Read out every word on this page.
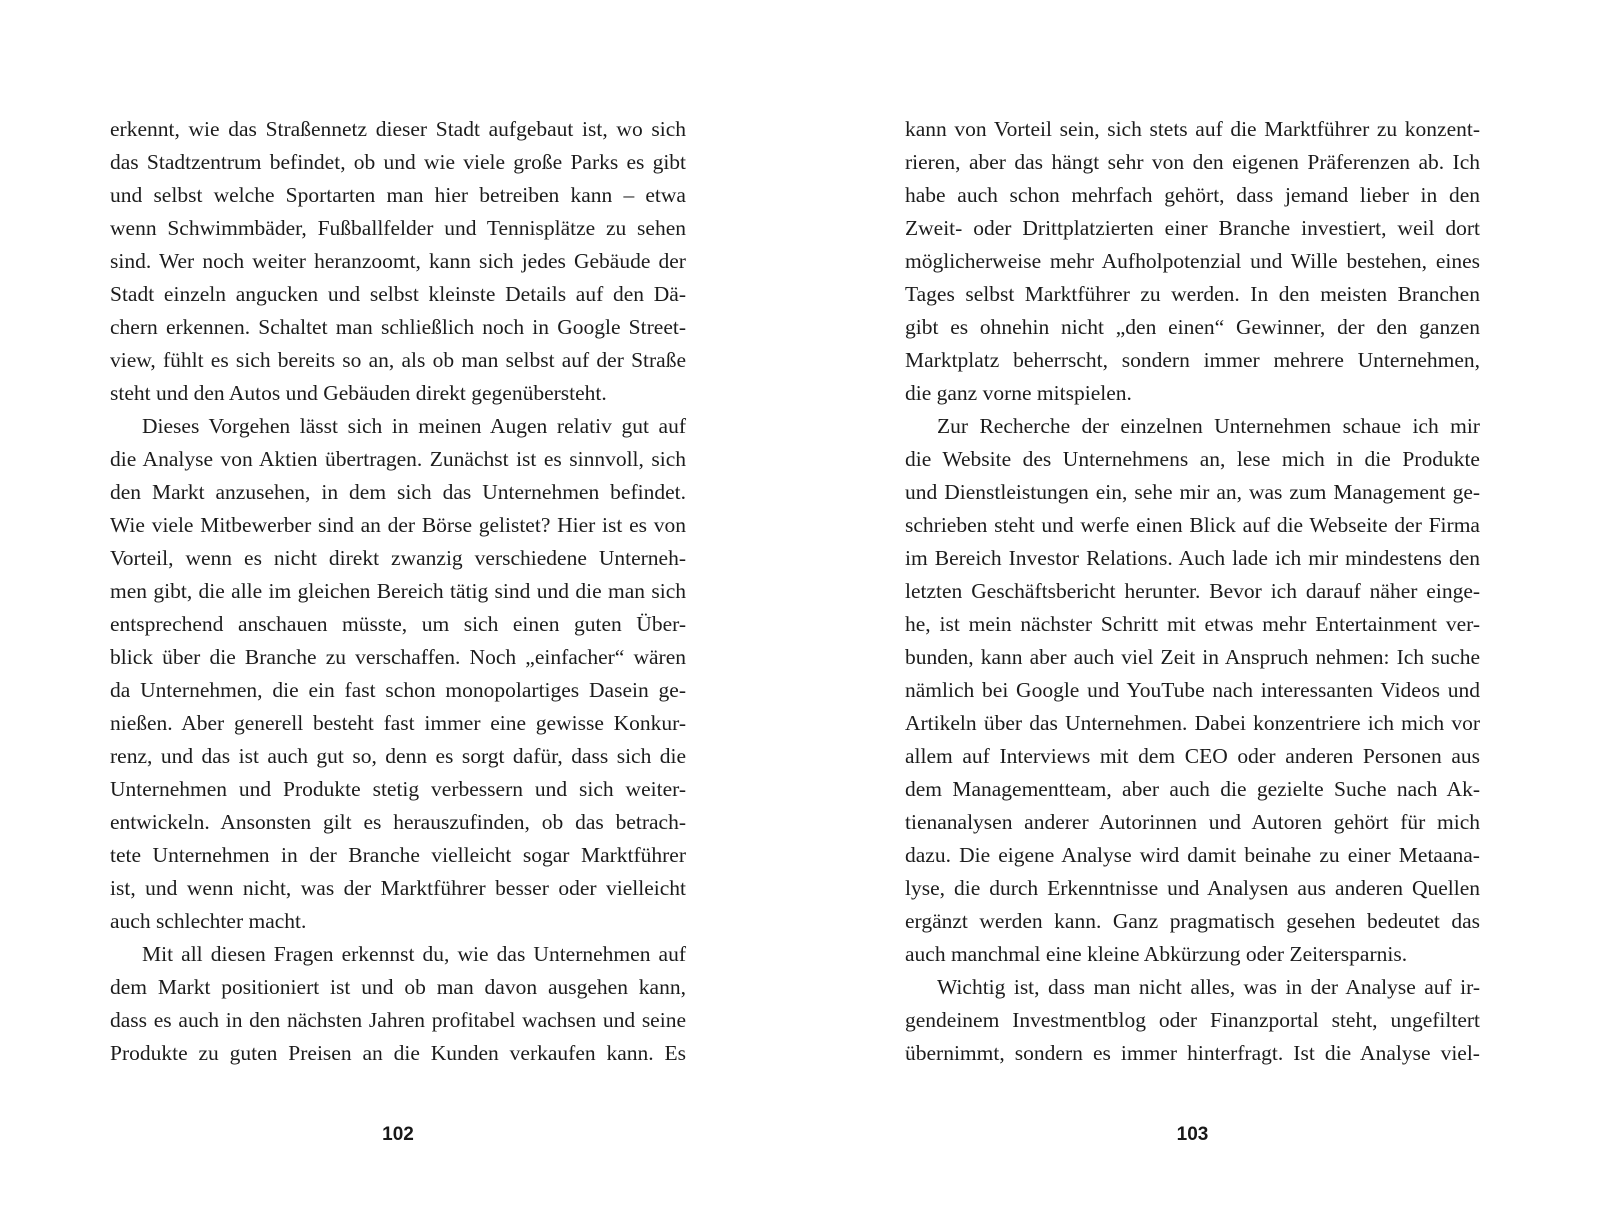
erkennt, wie das Straßennetz dieser Stadt aufgebaut ist, wo sich
das Stadtzentrum befindet, ob und wie viele große Parks es gibt
und selbst welche Sportarten man hier betreiben kann – etwa
wenn Schwimmbäder, Fußballfelder und Tennisplätze zu sehen
sind. Wer noch weiter heranzoomt, kann sich jedes Gebäude der
Stadt einzeln angucken und selbst kleinste Details auf den Dä-
chern erkennen. Schaltet man schließlich noch in Google Street-
view, fühlt es sich bereits so an, als ob man selbst auf der Straße
steht und den Autos und Gebäuden direkt gegenübersteht.
Dieses Vorgehen lässt sich in meinen Augen relativ gut auf
die Analyse von Aktien übertragen. Zunächst ist es sinnvoll, sich
den Markt anzusehen, in dem sich das Unternehmen befindet.
Wie viele Mitbewerber sind an der Börse gelistet? Hier ist es von
Vorteil, wenn es nicht direkt zwanzig verschiedene Unterneh-
men gibt, die alle im gleichen Bereich tätig sind und die man sich
entsprechend anschauen müsste, um sich einen guten Über-
blick über die Branche zu verschaffen. Noch „einfacher“ wären
da Unternehmen, die ein fast schon monopolartiges Dasein ge-
nießen. Aber generell besteht fast immer eine gewisse Konkur-
renz, und das ist auch gut so, denn es sorgt dafür, dass sich die
Unternehmen und Produkte stetig verbessern und sich weiter-
entwickeln. Ansonsten gilt es herauszufinden, ob das betrach-
tete Unternehmen in der Branche vielleicht sogar Marktführer
ist, und wenn nicht, was der Marktführer besser oder vielleicht
auch schlechter macht.
Mit all diesen Fragen erkennst du, wie das Unternehmen auf
dem Markt positioniert ist und ob man davon ausgehen kann,
dass es auch in den nächsten Jahren profitabel wachsen und seine
Produkte zu guten Preisen an die Kunden verkaufen kann. Es
kann von Vorteil sein, sich stets auf die Marktführer zu konzent-
rieren, aber das hängt sehr von den eigenen Präferenzen ab. Ich
habe auch schon mehrfach gehört, dass jemand lieber in den
Zweit- oder Drittplatzierten einer Branche investiert, weil dort
möglicherweise mehr Aufholpotenzial und Wille bestehen, eines
Tages selbst Marktführer zu werden. In den meisten Branchen
gibt es ohnehin nicht „den einen“ Gewinner, der den ganzen
Marktplatz beherrscht, sondern immer mehrere Unternehmen,
die ganz vorne mitspielen.
Zur Recherche der einzelnen Unternehmen schaue ich mir
die Website des Unternehmens an, lese mich in die Produkte
und Dienstleistungen ein, sehe mir an, was zum Management ge-
schrieben steht und werfe einen Blick auf die Webseite der Firma
im Bereich Investor Relations. Auch lade ich mir mindestens den
letzten Geschäftsbericht herunter. Bevor ich darauf näher einge-
he, ist mein nächster Schritt mit etwas mehr Entertainment ver-
bunden, kann aber auch viel Zeit in Anspruch nehmen: Ich suche
nämlich bei Google und YouTube nach interessanten Videos und
Artikeln über das Unternehmen. Dabei konzentriere ich mich vor
allem auf Interviews mit dem CEO oder anderen Personen aus
dem Managementteam, aber auch die gezielte Suche nach Ak-
tienanalysen anderer Autorinnen und Autoren gehört für mich
dazu. Die eigene Analyse wird damit beinahe zu einer Metaana-
lyse, die durch Erkenntnisse und Analysen aus anderen Quellen
ergänzt werden kann. Ganz pragmatisch gesehen bedeutet das
auch manchmal eine kleine Abkürzung oder Zeitersparnis.
Wichtig ist, dass man nicht alles, was in der Analyse auf ir-
gendeinem Investmentblog oder Finanzportal steht, ungefiltert
übernimmt, sondern es immer hinterfragt. Ist die Analyse viel-
102	103
